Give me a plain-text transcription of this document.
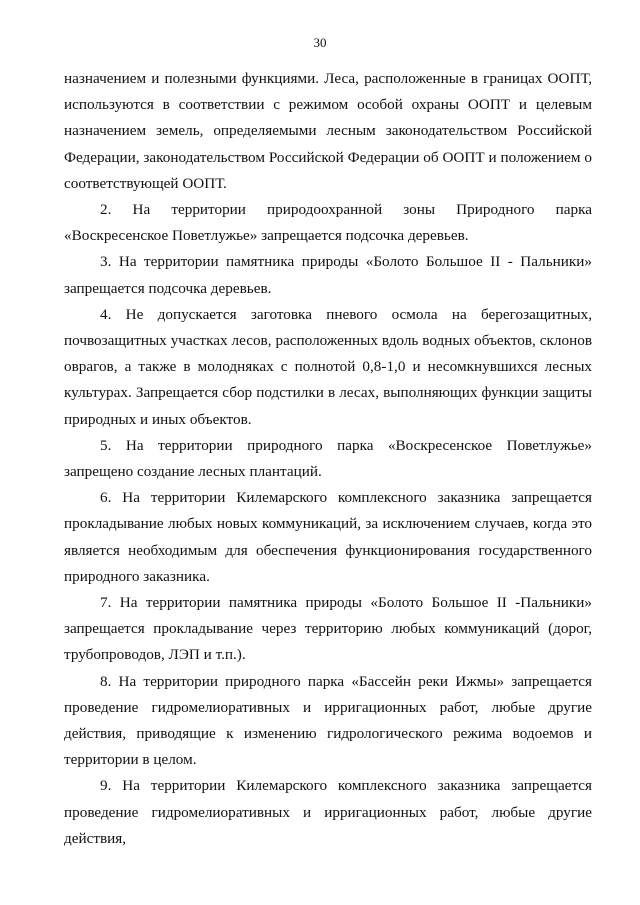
30

назначением и полезными функциями. Леса, расположенные в границах ООПТ, используются в соответствии с режимом особой охраны ООПТ и целевым назначением земель, определяемыми лесным законодательством Российской Федерации, законодательством Российской Федерации об ООПТ и положением о соответствующей ООПТ.

2. На территории природоохранной зоны Природного парка «Воскресенское Поветлужье» запрещается подсочка деревьев.

3. На территории памятника природы «Болото Большое II - Пальники» запрещается подсочка деревьев.

4. Не допускается заготовка пневого осмола на берегозащитных, почвозащитных участках лесов, расположенных вдоль водных объектов, склонов оврагов, а также в молодняках с полнотой 0,8-1,0 и несомкнувшихся лесных культурах. Запрещается сбор подстилки в лесах, выполняющих функции защиты природных и иных объектов.

5. На территории природного парка «Воскресенское Поветлужье» запрещено создание лесных плантаций.

6. На территории Килемарского комплексного заказника запрещается прокладывание любых новых коммуникаций, за исключением случаев, когда это является необходимым для обеспечения функционирования государственного природного заказника.

7. На территории памятника природы «Болото Большое II -Пальники» запрещается прокладывание через территорию любых коммуникаций (дорог, трубопроводов, ЛЭП и т.п.).

8. На территории природного парка «Бассейн реки Ижмы» запрещается проведение гидромелиоративных и ирригационных работ, любые другие действия, приводящие к изменению гидрологического режима водоемов и территории в целом.

9. На территории Килемарского комплексного заказника запрещается проведение гидромелиоративных и ирригационных работ, любые другие действия,
